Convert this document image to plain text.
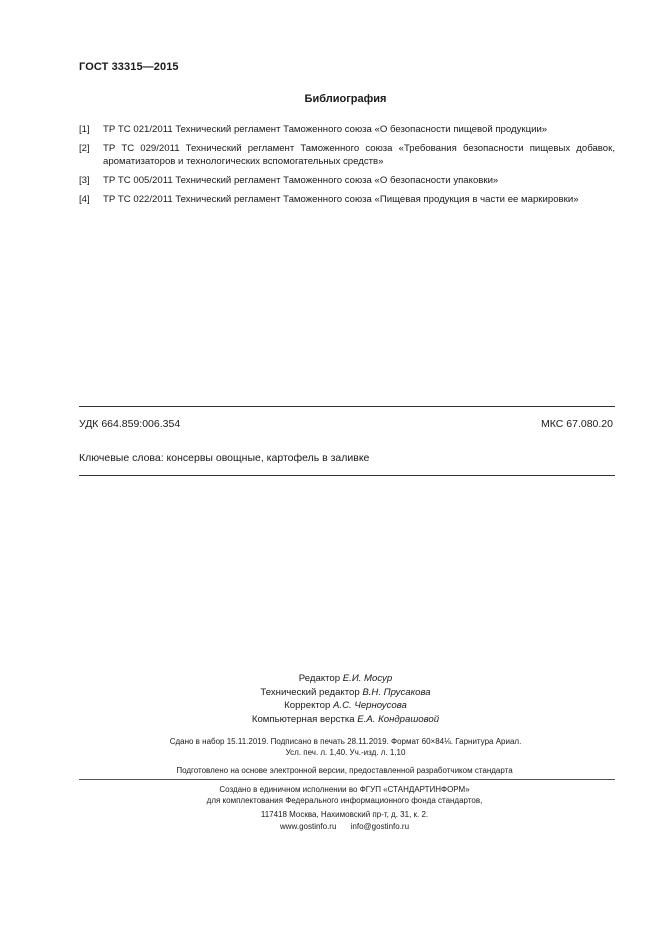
ГОСТ 33315—2015
Библиография
[1]	ТР ТС 021/2011 Технический регламент Таможенного союза «О безопасности пищевой продукции»
[2]	ТР ТС 029/2011 Технический регламент Таможенного союза «Требования безопасности пищевых добавок, ароматизаторов и технологических вспомогательных средств»
[3]	ТР ТС 005/2011 Технический регламент Таможенного союза «О безопасности упаковки»
[4]	ТР ТС 022/2011 Технический регламент Таможенного союза «Пищевая продукция в части ее маркировки»
УДК 664.859:006.354	МКС 67.080.20
Ключевые слова: консервы овощные, картофель в заливке
Редактор Е.И. Мосур
Технический редактор В.Н. Прусакова
Корректор А.С. Черноусова
Компьютерная верстка Е.А. Кондрашовой
Сдано в набор 15.11.2019. Подписано в печать 28.11.2019. Формат 60×84⅛. Гарнитура Ариал.
Усл. печ. л. 1,40. Уч.-изд. л. 1,10
Подготовлено на основе электронной версии, предоставленной разработчиком стандарта
Создано в единичном исполнении во ФГУП «СТАНДАРТИНФОРМ»
для комплектования Федерального информационного фонда стандартов,
117418 Москва, Нахимовский пр-т, д. 31, к. 2.
www.gostinfo.ru info@gostinfo.ru
